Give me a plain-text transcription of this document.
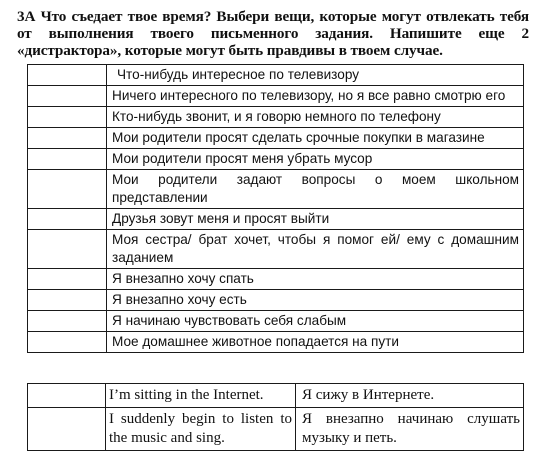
3А Что съедает твое время? Выбери вещи, которые могут отвлекать тебя от выполнения твоего письменного задания. Напишите еще 2 «дистрактора», которые могут быть правдивы в твоем случае.
	Что-нибудь интересное по телевизору
	Ничего интересного по телевизору, но я все равно смотрю его
	Кто-нибудь звонит, и я говорю немного по телефону
	Мои родители просят сделать срочные покупки в магазине
	Мои родители просят меня убрать мусор
	Мои родители задают вопросы о моем школьном представлении
	Друзья зовут меня и просят выйти
	Моя сестра/ брат хочет, чтобы я помог ей/ ему с домашним заданием
	Я внезапно хочу спать
	Я внезапно хочу есть
	Я начинаю чувствовать себя слабым
	Мое домашнее животное попадается на пути
	I’m sitting in the Internet.	Я сижу в Интернете.
	I suddenly begin to listen to the music and sing.	Я внезапно начинаю слушать музыку и петь.
